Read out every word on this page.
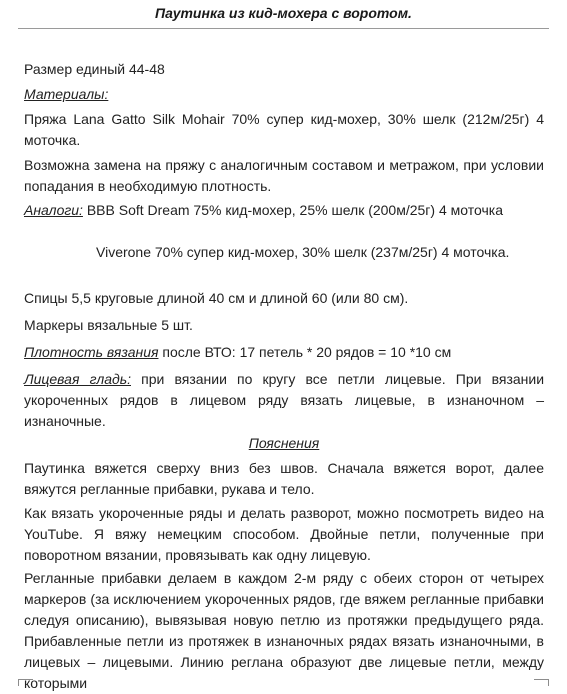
Паутинка из кид-мохера с воротом.

Размер единый 44-48

Материалы:

Пряжа Lana Gatto Silk Mohair 70% супер кид-мохер, 30% шелк (212м/25г) 4 моточка.

Возможна замена на пряжу с аналогичным составом и метражом, при условии попадания в необходимую плотность.

Аналоги: BBB Soft Dream 75% кид-мохер, 25% шелк (200м/25г) 4 моточка

Viverone 70% супер кид-мохер, 30% шелк (237м/25г) 4 моточка.

Спицы 5,5 круговые длиной 40 см и длиной 60 (или 80 см).

Маркеры вязальные 5 шт.

Плотность вязания после ВТО: 17 петель * 20 рядов = 10 *10 см

Лицевая гладь: при вязании по кругу все петли лицевые. При вязании укороченных рядов в лицевом ряду вязать лицевые, в изнаночном – изнаночные.

Пояснения

Паутинка вяжется сверху вниз без швов. Сначала вяжется ворот, далее вяжутся регланные прибавки, рукава и тело.

Как вязать укороченные ряды и делать разворот, можно посмотреть видео на YouTube. Я вяжу немецким способом. Двойные петли, полученные при поворотном вязании, провязывать как одну лицевую.

Регланные прибавки делаем в каждом 2-м ряду с обеих сторон от четырех маркеров (за исключением укороченных рядов, где вяжем регланные прибавки следуя описанию), вывязывая новую петлю из протяжки предыдущего ряда. Прибавленные петли из протяжек в изнаночных рядах вязать изнаночными, в лицевых – лицевыми. Линию реглана образуют две лицевые петли, между которыми
